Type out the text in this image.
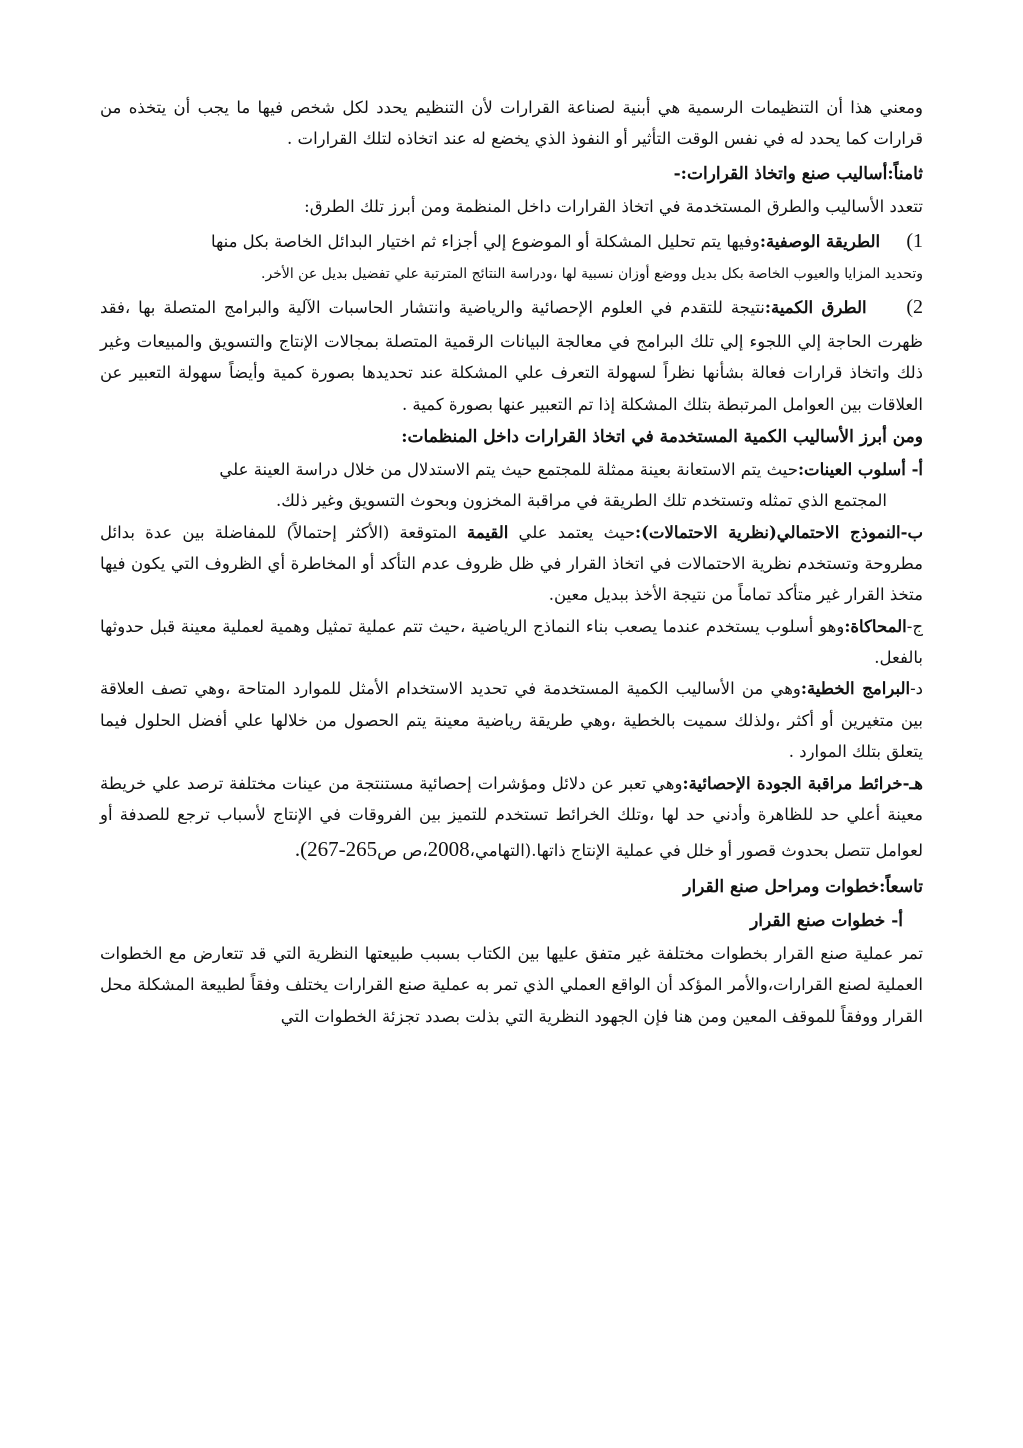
ومعني هذا أن التنظيمات الرسمية هي أبنية لصناعة القرارات لأن التنظيم يحدد لكل شخص فيها ما يجب أن يتخذه من قرارات كما يحدد له في نفس الوقت التأثير أو النفوذ الذي يخضع له عند اتخاذه لتلك القرارات .

ثامناً:أساليب صنع واتخاذ القرارات:-

تتعدد الأساليب والطرق المستخدمة في اتخاذ القرارات داخل المنظمة ومن أبرز تلك الطرق:

1)     الطريقة الوصفية:وفيها يتم تحليل المشكلة أو الموضوع إلي أجزاء ثم اختيار البدائل الخاصة بكل منها

وتحديد المزايا والعيوب الخاصة بكل بديل ووضع أوزان نسبية لها ،ودراسة النتائج المترتبة علي تفضيل بديل عن الأخر.

2)     الطرق الكمية:نتيجة للتقدم في العلوم الإحصائية والرياضية وانتشار الحاسبات الآلية والبرامج المتصلة بها ،فقد ظهرت الحاجة إلي اللجوء إلي تلك البرامج في معالجة البيانات الرقمية المتصلة بمجالات الإنتاج والتسويق والمبيعات وغير ذلك واتخاذ قرارات فعالة بشأنها نظراً لسهولة التعرف علي المشكلة عند تحديدها بصورة كمية وأيضاً سهولة التعبير عن العلاقات بين العوامل المرتبطة بتلك المشكلة إذا تم التعبير عنها بصورة كمية .

ومن أبرز الأساليب الكمية المستخدمة في اتخاذ القرارات داخل المنظمات:

أ- أسلوب العينات:حيث يتم الاستعانة بعينة ممثلة للمجتمع حيث يتم الاستدلال من خلال دراسة العينة علي

المجتمع الذي تمثله وتستخدم تلك الطريقة في مراقبة المخزون وبحوث التسويق وغير ذلك.

ب-النموذج الاحتمالي(نظرية الاحتمالات):حيث يعتمد علي القيمة المتوقعة (الأكثر إحتمالاً) للمفاضلة بين عدة بدائل مطروحة وتستخدم نظرية الاحتمالات في اتخاذ القرار في ظل ظروف عدم التأكد أو المخاطرة أي الظروف التي يكون فيها متخذ القرار غير متأكد تماماً من نتيجة الأخذ ببديل معين.

ج-المحاكاة:وهو أسلوب يستخدم عندما يصعب بناء النماذج الرياضية ،حيث تتم عملية تمثيل وهمية لعملية معينة قبل حدوثها بالفعل.

د-البرامج الخطية:وهي من الأساليب الكمية المستخدمة في تحديد الاستخدام الأمثل للموارد المتاحة ،وهي تصف العلاقة بين متغيرين أو أكثر ،ولذلك سميت بالخطية ،وهي طريقة رياضية معينة يتم الحصول من خلالها علي أفضل الحلول فيما يتعلق بتلك الموارد .

هـ-خرائط مراقبة الجودة الإحصائية:وهي تعبر عن دلائل ومؤشرات إحصائية مستنتجة من عينات مختلفة ترصد علي خريطة معينة أعلي حد للظاهرة وأدني حد لها ،وتلك الخرائط تستخدم للتميز بين الفروقات في الإنتاج لأسباب ترجع للصدفة أو لعوامل تتصل بحدوث قصور أو خلل في عملية الإنتاج ذاتها.(التهامي،2008،ص ص265-267).

تاسعاً:خطوات ومراحل صنع القرار

أ- خطوات صنع القرار

تمر عملية صنع القرار بخطوات مختلفة غير متفق عليها بين الكتاب بسبب طبيعتها النظرية التي قد تتعارض مع الخطوات العملية لصنع القرارات،والأمر المؤكد أن الواقع العملي الذي تمر به عملية صنع القرارات يختلف وفقاً لطبيعة المشكلة محل القرار ووفقاً للموقف المعين ومن هنا فإن الجهود النظرية التي بذلت بصدد تجزئة الخطوات التي
